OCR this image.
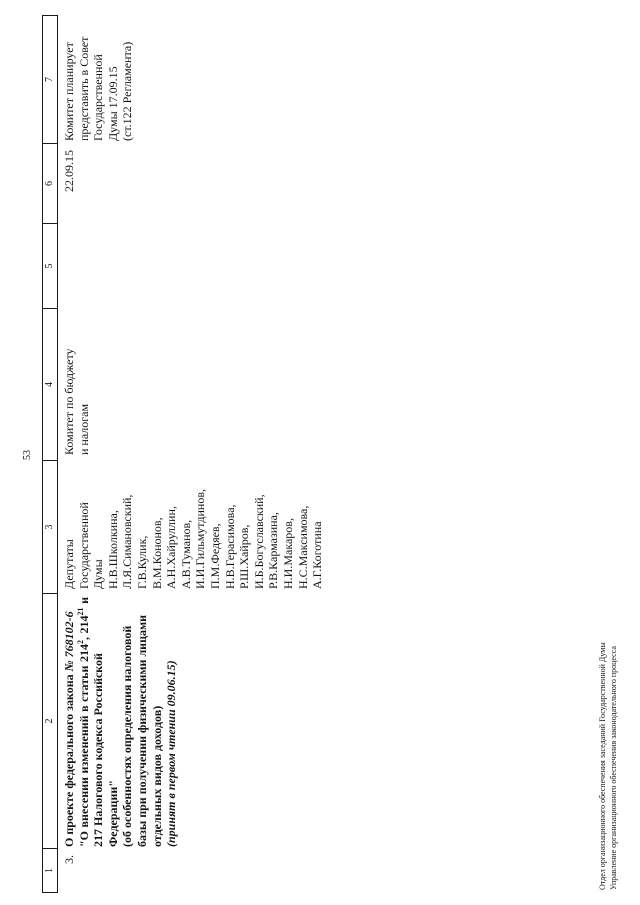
53
1
2
3
4
5
6
7
3.
О проекте федерального закона № 768102-6
"О внесении изменений в статьи $214^2$, $214^{21}$ и
217 Налогового кодекса Российской Федерации" (об особенностях определения налоговой базы при получении физическими лицами отдельных видов доходов) (принят в первом чтении 09.06.15)
Депутаты Государственной Думы Н.В.Школкина, Л.Я.Симановский, Г.В.Кулик, В.М.Кононов, А.Н.Хайруллин, А.В.Туманов, И.И.Гильмутдинов, П.М.Федяев, Н.В.Герасимова, Р.Ш.Хайров, И.Б.Богуславский, Р.В.Кармазина, Н.И.Макаров, Н.С.Максимова, А.Г.Коготина
Комитет по бюджету и налогам
22.09.15
Комитет планирует представить в Совет Государственной Думы 17.09.15 (ст.122 Регламента)
Отдел организационного обеспечения заседаний Государственной Думы Управление организационного обеспечения законодательного процесса
